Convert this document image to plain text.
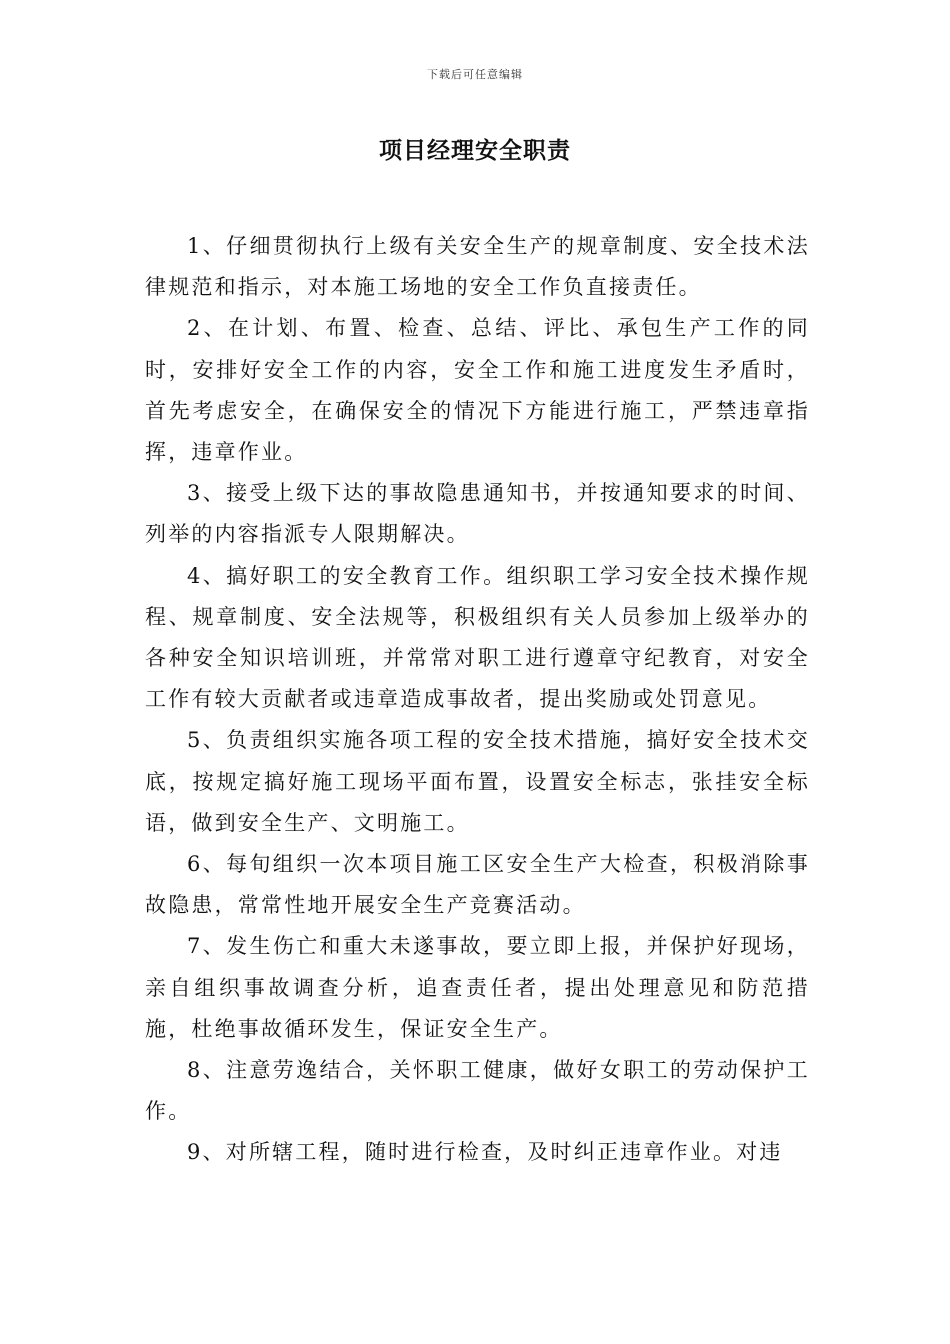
下载后可任意编辑
项目经理安全职责

1、仔细贯彻执行上级有关安全生产的规章制度、安全技术法律规范和指示，对本施工场地的安全工作负直接责任。

2、在计划、布置、检查、总结、评比、承包生产工作的同时，安排好安全工作的内容，安全工作和施工进度发生矛盾时，首先考虑安全，在确保安全的情况下方能进行施工，严禁违章指挥，违章作业。

3、接受上级下达的事故隐患通知书，并按通知要求的时间、列举的内容指派专人限期解决。

4、搞好职工的安全教育工作。组织职工学习安全技术操作规程、规章制度、安全法规等，积极组织有关人员参加上级举办的各种安全知识培训班，并常常对职工进行遵章守纪教育，对安全工作有较大贡献者或违章造成事故者，提出奖励或处罚意见。

5、负责组织实施各项工程的安全技术措施，搞好安全技术交底，按规定搞好施工现场平面布置，设置安全标志，张挂安全标语，做到安全生产、文明施工。

6、每旬组织一次本项目施工区安全生产大检查，积极消除事故隐患，常常性地开展安全生产竞赛活动。

7、发生伤亡和重大未遂事故，要立即上报，并保护好现场，亲自组织事故调查分析，追查责任者，提出处理意见和防范措施，杜绝事故循环发生，保证安全生产。

8、注意劳逸结合，关怀职工健康，做好女职工的劳动保护工作。

9、对所辖工程，随时进行检查，及时纠正违章作业。对违
